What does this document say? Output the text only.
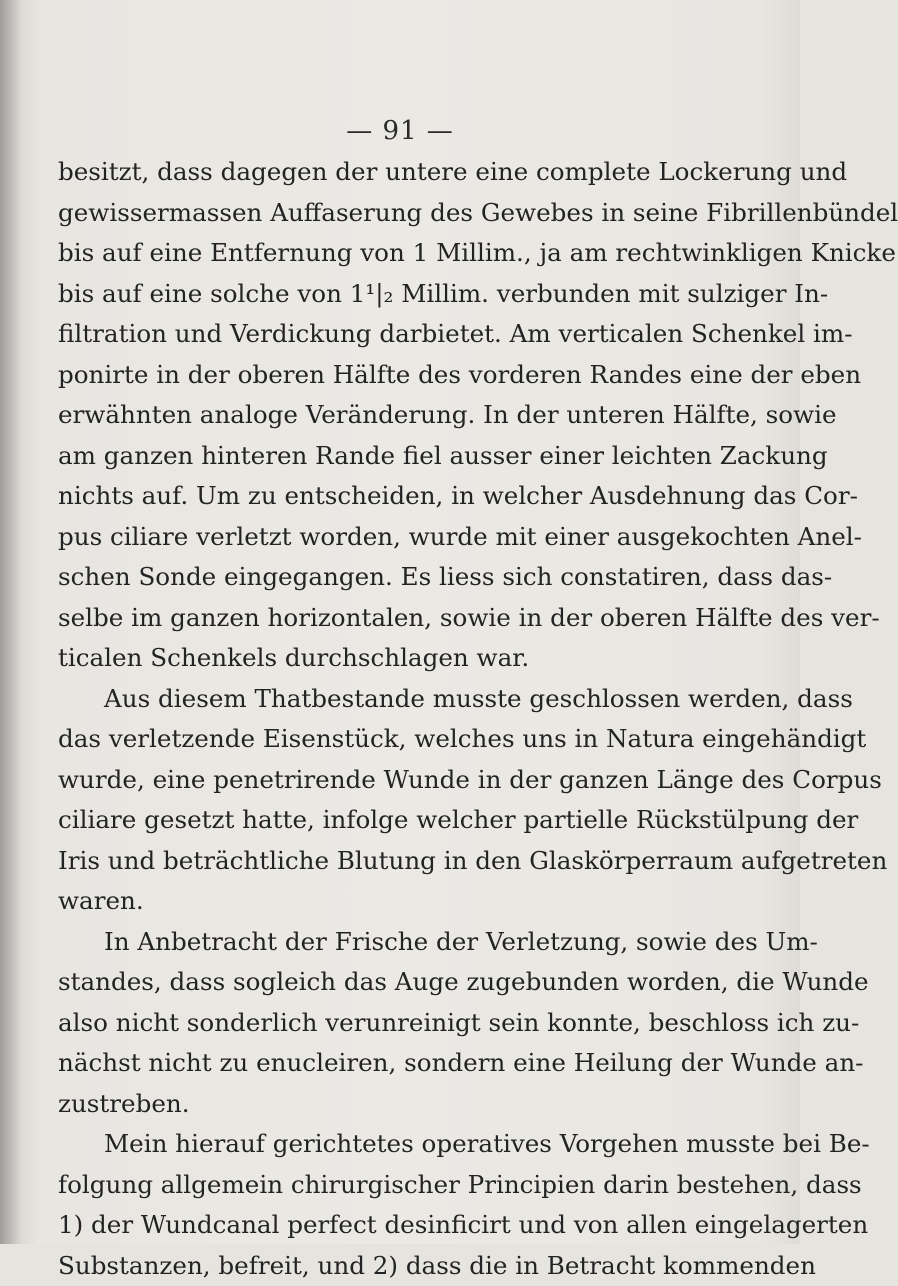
— 91 —
besitzt, dass dagegen der untere eine complete Lockerung und
gewissermassen Auffaserung des Gewebes in seine Fibrillenbündel
bis auf eine Entfernung von 1 Millim., ja am rechtwinkligen Knicke
bis auf eine solche von 1¹|₂ Millim. verbunden mit sulziger In-
filtration und Verdickung darbietet. Am verticalen Schenkel im-
ponirte in der oberen Hälfte des vorderen Randes eine der eben
erwähnten analoge Veränderung. In der unteren Hälfte, sowie
am ganzen hinteren Rande fiel ausser einer leichten Zackung
nichts auf. Um zu entscheiden, in welcher Ausdehnung das Cor-
pus ciliare verletzt worden, wurde mit einer ausgekochten Anel-
schen Sonde eingegangen. Es liess sich constatiren, dass das-
selbe im ganzen horizontalen, sowie in der oberen Hälfte des ver-
ticalen Schenkels durchschlagen war.
Aus diesem Thatbestande musste geschlossen werden, dass
das verletzende Eisenstück, welches uns in Natura eingehändigt
wurde, eine penetrirende Wunde in der ganzen Länge des Corpus
ciliare gesetzt hatte, infolge welcher partielle Rückstülpung der
Iris und beträchtliche Blutung in den Glaskörperraum aufgetreten
waren.
In Anbetracht der Frische der Verletzung, sowie des Um-
standes, dass sogleich das Auge zugebunden worden, die Wunde
also nicht sonderlich verunreinigt sein konnte, beschloss ich zu-
nächst nicht zu enucleiren, sondern eine Heilung der Wunde an-
zustreben.
Mein hierauf gerichtetes operatives Vorgehen musste bei Be-
folgung allgemein chirurgischer Principien darin bestehen, dass
1) der Wundcanal perfect desinficirt und von allen eingelagerten
Substanzen, befreit, und 2) dass die in Betracht kommenden
